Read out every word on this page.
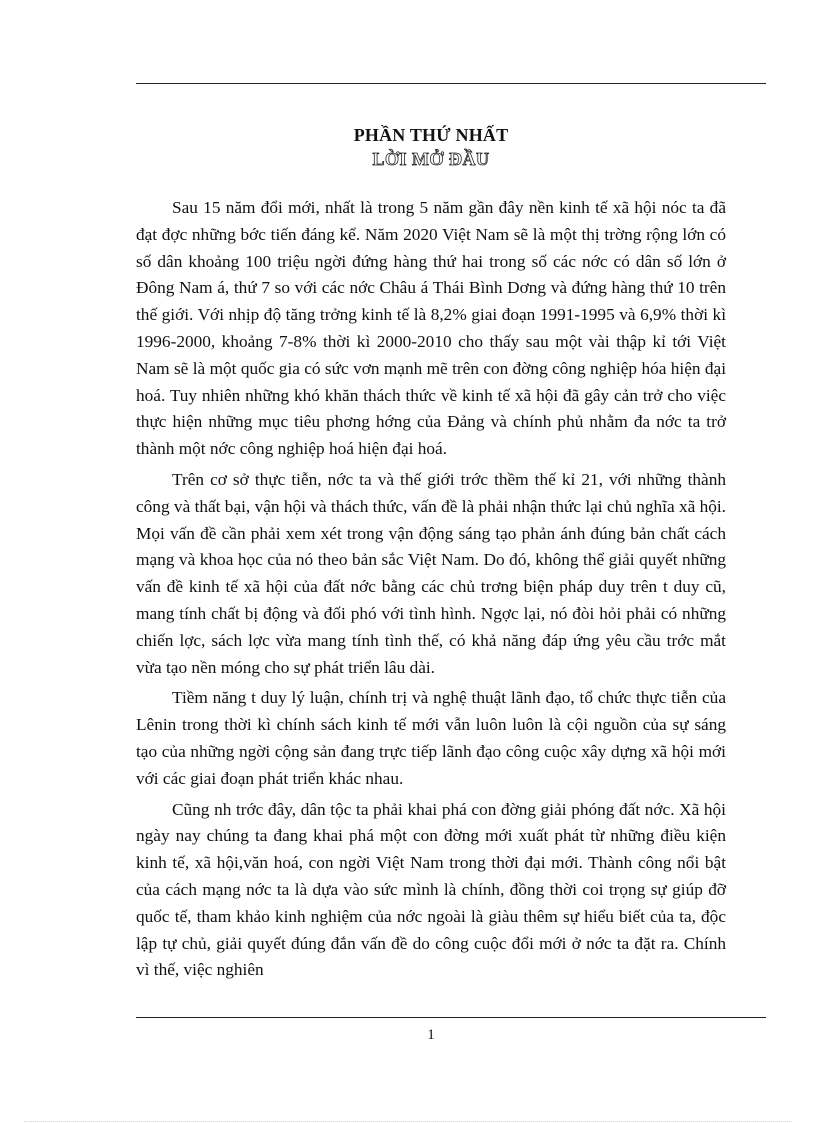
PHẦN THỨ NHẤT
LỜI MỞ ĐẦU

Sau 15 năm đổi mới, nhất là trong 5 năm gần đây nền kinh tế xã hội nóc ta đã đạt đợc những bớc tiến đáng kể. Năm 2020 Việt Nam sẽ là một thị trờng rộng lớn có số dân khoảng 100 triệu ngời đứng hàng thứ hai trong số các nớc có dân số lớn ở Đông Nam á, thứ 7 so với các nớc Châu á Thái Bình Dơng và đứng hàng thứ 10 trên thế giới. Với nhịp độ tăng trởng kinh tế là 8,2% giai đoạn 1991-1995 và 6,9% thời kì 1996-2000, khoảng 7-8% thời kì 2000-2010 cho thấy sau một vài thập kỉ tới Việt Nam sẽ là một quốc gia có sức vơn mạnh mẽ trên con đờng công nghiệp hóa hiện đại hoá. Tuy nhiên những khó khăn thách thức về kinh tế xã hội đã gây cản trở cho việc thực hiện những mục tiêu phơng hớng của Đảng và chính phủ nhằm đa nớc ta trở thành một nớc công nghiệp hoá hiện đại hoá.

Trên cơ sở thực tiễn, nớc ta và thế giới trớc thềm thế kỉ 21, với những thành công và thất bại, vận hội và thách thức, vấn đề là phải nhận thức lại chủ nghĩa xã hội. Mọi vấn đề cần phải xem xét trong vận động sáng tạo phản ánh đúng bản chất cách mạng và khoa học của nó theo bản sắc Việt Nam. Do đó, không thể giải quyết những vấn đề kinh tế xã hội của đất nớc bằng các chủ trơng biện pháp duy trên t duy cũ, mang tính chất bị động và đối phó với tình hình. Ngợc lại, nó đòi hỏi phải có những chiến lợc, sách lợc vừa mang tính tình thế, có khả năng đáp ứng yêu cầu trớc mắt vừa tạo nền móng cho sự phát triển lâu dài.

Tiềm năng t duy lý luận, chính trị và nghệ thuật lãnh đạo, tổ chức thực tiễn của Lênin trong thời kì chính sách kinh tế mới vẫn luôn luôn là cội nguồn của sự sáng tạo của những ngời cộng sản đang trực tiếp lãnh đạo công cuộc xây dựng xã hội mới với các giai đoạn phát triển khác nhau.

Cũng nh trớc đây, dân tộc ta phải khai phá con đờng giải phóng đất nớc. Xã hội ngày nay chúng ta đang khai phá một con đờng mới xuất phát từ những điều kiện kinh tế, xã hội,văn hoá, con ngời Việt Nam trong thời đại mới. Thành công nổi bật của cách mạng nớc ta là dựa vào sức mình là chính, đồng thời coi trọng sự giúp đỡ quốc tế, tham khảo kinh nghiệm của nớc ngoài là giàu thêm sự hiểu biết của ta, độc lập tự chủ, giải quyết đúng đắn vấn đề do công cuộc đổi mới ở nớc ta đặt ra. Chính vì thế, việc nghiên

1
